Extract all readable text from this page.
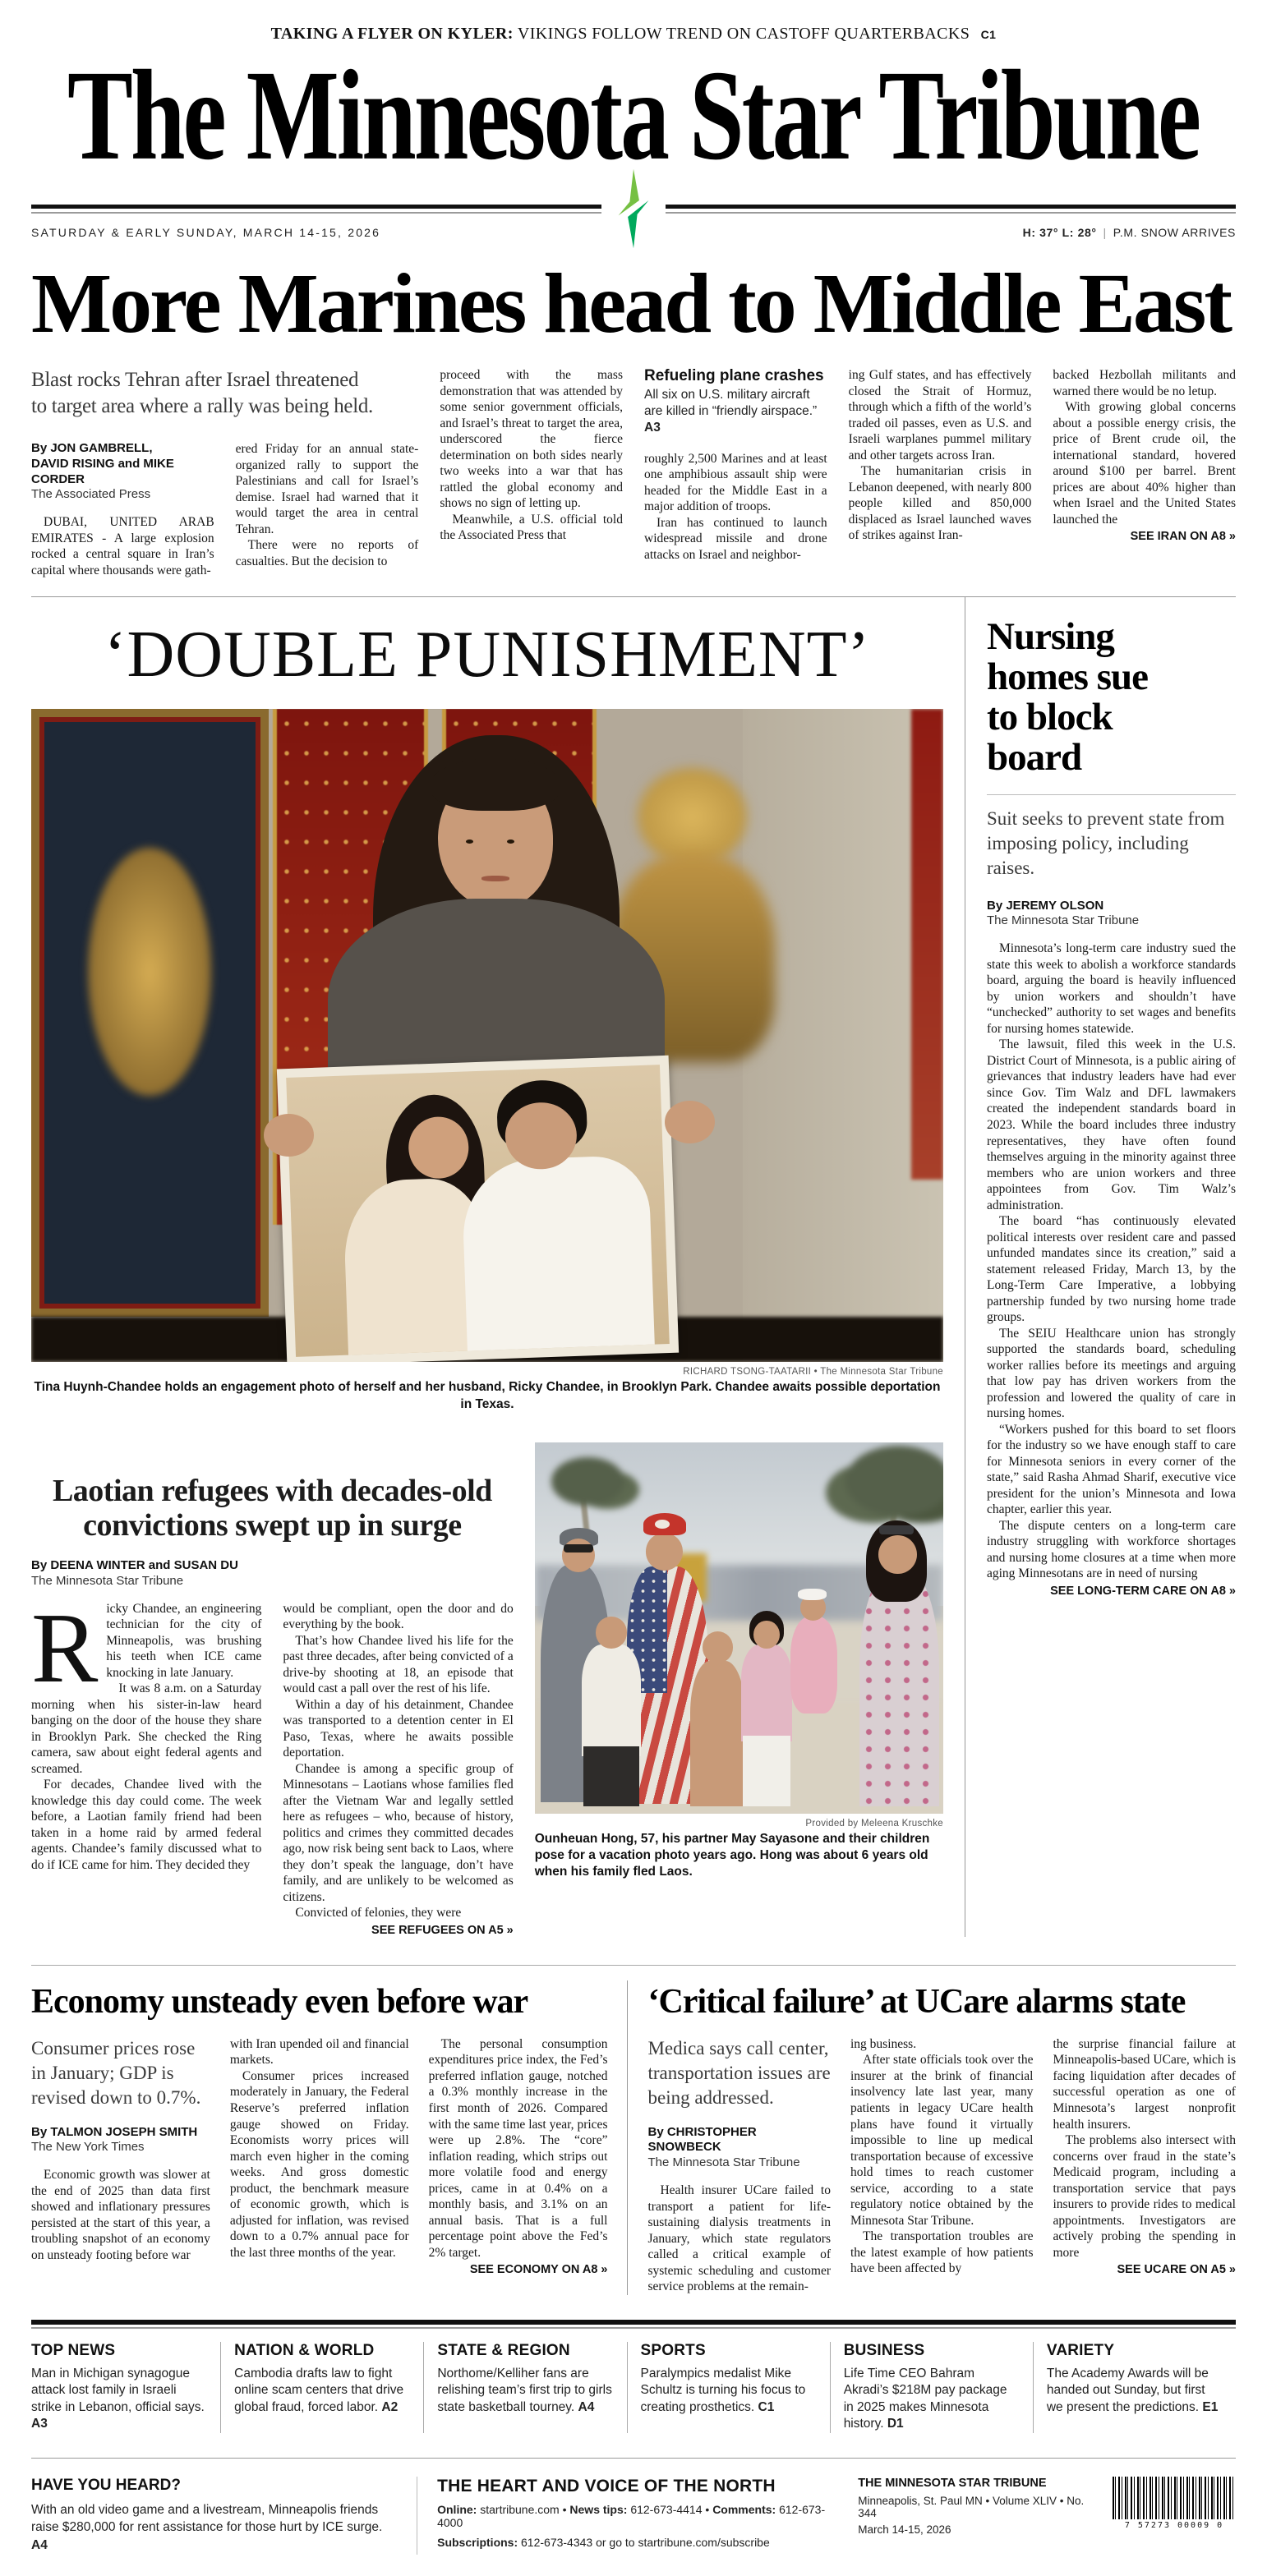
TAKING A FLYER ON KYLER: VIKINGS FOLLOW TREND ON CASTOFF QUARTERBACKS C1
The Minnesota Star Tribune
SATURDAY & EARLY SUNDAY, MARCH 14-15, 2026	H: 37° L: 28° | P.M. SNOW ARRIVES
More Marines head to Middle East
Blast rocks Tehran after Israel threatened
to target area where a rally was being held.
By JON GAMBRELL,
DAVID RISING and MIKE CORDER
The Associated Press

DUBAI, UNITED ARAB EMIRATES - A large explosion rocked a central square in Iran’s capital where thousands were gath-

ered Friday for an annual state-organized rally to support the Palestinians and call for Israel’s demise. Israel had warned that it would target the area in central Tehran.

There were no reports of casualties. But the decision to

proceed with the mass demonstration that was attended by some senior government officials, and Israel’s threat to target the area, underscored the fierce determination on both sides nearly two weeks into a war that has rattled the global economy and shows no sign of letting up.

Meanwhile, a U.S. official told the Associated Press that

Refueling plane crashes
All six on U.S. military aircraft are killed in “friendly airspace.” A3

roughly 2,500 Marines and at least one amphibious assault ship were headed for the Middle East in a major addition of troops.

Iran has continued to launch widespread missile and drone attacks on Israel and neighbor-

ing Gulf states, and has effectively closed the Strait of Hormuz, through which a fifth of the world’s traded oil passes, even as U.S. and Israeli warplanes pummel military and other targets across Iran.

The humanitarian crisis in Lebanon deepened, with nearly 800 people killed and 850,000 displaced as Israel launched waves of strikes against Iran-

backed Hezbollah militants and warned there would be no letup.

With growing global concerns about a possible energy crisis, the price of Brent crude oil, the international standard, hovered around $100 per barrel. Brent prices are about 40% higher than when Israel and the United States launched the

SEE IRAN ON A8 »
‘DOUBLE PUNISHMENT’
RICHARD TSONG-TAATARII • The Minnesota Star Tribune
Tina Huynh-Chandee holds an engagement photo of herself and her husband, Ricky Chandee, in Brooklyn Park. Chandee awaits possible deportation in Texas.
Laotian refugees with decades-old
convictions swept up in surge
By DEENA WINTER and SUSAN DU
The Minnesota Star Tribune

Ricky Chandee, an engineering technician for the city of Minneapolis, was brushing his teeth when ICE came knocking in late January.

It was 8 a.m. on a Saturday morning when his sister-in-law heard banging on the door of the house they share in Brooklyn Park. She checked the Ring camera, saw about eight federal agents and screamed.

For decades, Chandee lived with the knowledge this day could come. The week before, a Laotian family friend had been taken in a home raid by armed federal agents. Chandee’s family discussed what to do if ICE came for him. They decided they

would be compliant, open the door and do everything by the book.

That’s how Chandee lived his life for the past three decades, after being convicted of a drive-by shooting at 18, an episode that would cast a pall over the rest of his life.

Within a day of his detainment, Chandee was transported to a detention center in El Paso, Texas, where he awaits possible deportation.

Chandee is among a specific group of Minnesotans – Laotians whose families fled after the Vietnam War and legally settled here as refugees – who, because of history, politics and crimes they committed decades ago, now risk being sent back to Laos, where they don’t speak the language, don’t have family, and are unlikely to be welcomed as citizens.

Convicted of felonies, they were

SEE REFUGEES ON A5 »
Provided by Meleena Kruschke
Ounheuan Hong, 57, his partner May Sayasone and their children pose for a vacation photo years ago. Hong was about 6 years old when his family fled Laos.
Nursing
homes sue
to block
board
Suit seeks to prevent state from imposing policy, including raises.
By JEREMY OLSON
The Minnesota Star Tribune

Minnesota’s long-term care industry sued the state this week to abolish a workforce standards board, arguing the board is heavily influenced by union workers and shouldn’t have “unchecked” authority to set wages and benefits for nursing homes statewide.

The lawsuit, filed this week in the U.S. District Court of Minnesota, is a public airing of grievances that industry leaders have had ever since Gov. Tim Walz and DFL lawmakers created the independent standards board in 2023. While the board includes three industry representatives, they have often found themselves arguing in the minority against three members who are union workers and three appointees from Gov. Tim Walz’s administration.

The board “has continuously elevated political interests over resident care and passed unfunded mandates since its creation,” said a statement released Friday, March 13, by the Long-Term Care Imperative, a lobbying partnership funded by two nursing home trade groups.

The SEIU Healthcare union has strongly supported the standards board, scheduling worker rallies before its meetings and arguing that low pay has driven workers from the profession and lowered the quality of care in nursing homes.

“Workers pushed for this board to set floors for the industry so we have enough staff to care for Minnesota seniors in every corner of the state,” said Rasha Ahmad Sharif, executive vice president for the union’s Minnesota and Iowa chapter, earlier this year.

The dispute centers on a long-term care industry struggling with workforce shortages and nursing home closures at a time when more aging Minnesotans are in need of nursing

SEE LONG-TERM CARE ON A8 »
Economy unsteady even before war
Consumer prices rose in January; GDP is revised down to 0.7%.
By TALMON JOSEPH SMITH
The New York Times

Economic growth was slower at the end of 2025 than data first showed and inflationary pressures persisted at the start of this year, a troubling snapshot of an economy on unsteady footing before war

with Iran upended oil and financial markets.

Consumer prices increased moderately in January, the Federal Reserve’s preferred inflation gauge showed on Friday. Economists worry prices will march even higher in the coming weeks. And gross domestic product, the benchmark measure of economic growth, which is adjusted for inflation, was revised down to a 0.7% annual pace for the last three months of the year.

The personal consumption expenditures price index, the Fed’s preferred inflation gauge, notched a 0.3% monthly increase in the first month of 2026. Compared with the same time last year, prices were up 2.8%. The “core” inflation reading, which strips out more volatile food and energy prices, came in at 0.4% on a monthly basis, and 3.1% on an annual basis. That is a full percentage point above the Fed’s 2% target.

SEE ECONOMY ON A8 »
‘Critical failure’ at UCare alarms state
Medica says call center, transportation issues are being addressed.
By CHRISTOPHER SNOWBECK
The Minnesota Star Tribune

Health insurer UCare failed to transport a patient for life-sustaining dialysis treatments in January, which state regulators called a critical example of systemic scheduling and customer service problems at the remain-

ing business.

After state officials took over the insurer at the brink of financial insolvency late last year, many patients in legacy UCare health plans have found it virtually impossible to line up medical transportation because of excessive hold times to reach customer service, according to a state regulatory notice obtained by the Minnesota Star Tribune.

The transportation troubles are the latest example of how patients have been affected by

the surprise financial failure at Minneapolis-based UCare, which is facing liquidation after decades of successful operation as one of Minnesota’s largest nonprofit health insurers.

The problems also intersect with concerns over fraud in the state’s Medicaid program, including a transportation service that pays insurers to provide rides to medical appointments. Investigators are actively probing the spending in more

SEE UCARE ON A5 »
TOP NEWS
Man in Michigan synagogue attack lost family in Israeli strike in Lebanon, official says. A3
NATION & WORLD
Cambodia drafts law to fight online scam centers that drive global fraud, forced labor. A2
STATE & REGION
Northome/Kelliher fans are relishing team’s first trip to girls state basketball tourney. A4
SPORTS
Paralympics medalist Mike Schultz is turning his focus to creating prosthetics. C1
BUSINESS
Life Time CEO Bahram Akradi’s $218M pay package in 2025 makes Minnesota history. D1
VARIETY
The Academy Awards will be handed out Sunday, but first we present the predictions. E1
HAVE YOU HEARD?
With an old video game and a livestream, Minneapolis friends raise $280,000 for rent assistance for those hurt by ICE surge. A4
THE HEART AND VOICE OF THE NORTH
Online: startribune.com • News tips: 612-673-4414 • Comments: 612-673-4000
Subscriptions: 612-673-4343 or go to startribune.com/subscribe
THE MINNESOTA STAR TRIBUNE
Minneapolis, St. Paul MN • Volume XLIV • No. 344
March 14-15, 2026	7 57273 00009 0
